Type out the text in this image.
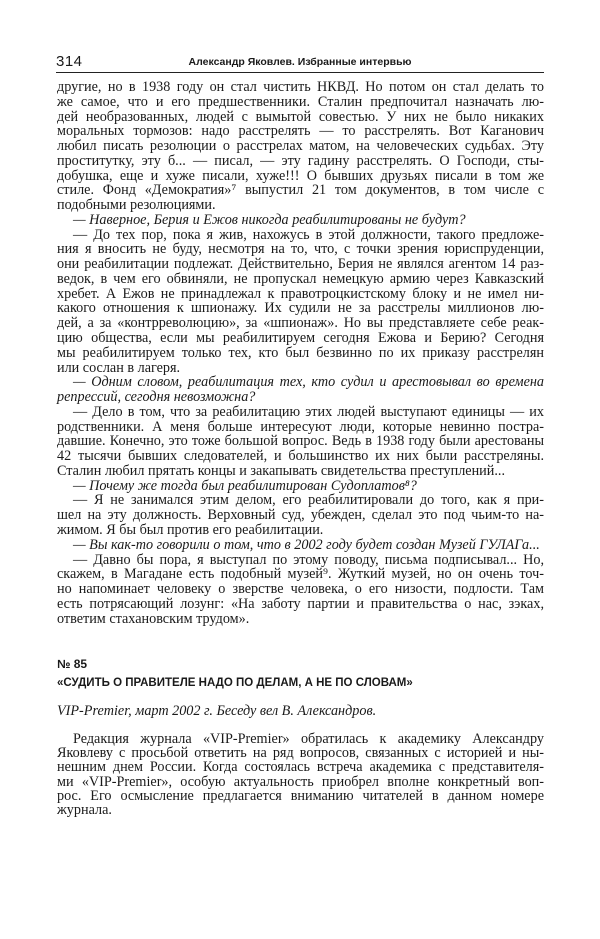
314	Александр Яковлев. Избранные интервью
другие, но в 1938 году он стал чистить НКВД. Но потом он стал делать то
же самое, что и его предшественники. Сталин предпочитал назначать лю-
дей необразованных, людей с вымытой совестью. У них не было никаких
моральных тормозов: надо расстрелять — то расстрелять. Вот Каганович
любил писать резолюции о расстрелах матом, на человеческих судьбах. Эту
проститутку, эту б... — писал, — эту гадину расстрелять. О Господи, сты-
добушка, еще и хуже писали, хуже!!! О бывших друзьях писали в том же
стиле. Фонд «Демократия»⁷ выпустил 21 том документов, в том числе с
подобными резолюциями.
— Наверное, Берия и Ежов никогда реабилитированы не будут?
— До тех пор, пока я жив, нахожусь в этой должности, такого предложе-
ния я вносить не буду, несмотря на то, что, с точки зрения юриспруденции,
они реабилитации подлежат. Действительно, Берия не являлся агентом 14 раз-
ведок, в чем его обвиняли, не пропускал немецкую армию через Кавказский
хребет. А Ежов не принадлежал к правотроцкистскому блоку и не имел ни-
какого отношения к шпионажу. Их судили не за расстрелы миллионов лю-
дей, а за «контрреволюцию», за «шпионаж». Но вы представляете себе реак-
цию общества, если мы реабилитируем сегодня Ежова и Берию? Сегодня
мы реабилитируем только тех, кто был безвинно по их приказу расстрелян
или сослан в лагеря.
— Одним словом, реабилитация тех, кто судил и арестовывал во времена
репрессий, сегодня невозможна?
— Дело в том, что за реабилитацию этих людей выступают единицы — их
родственники. А меня больше интересуют люди, которые невинно постра-
давшие. Конечно, это тоже большой вопрос. Ведь в 1938 году были арестованы
42 тысячи бывших следователей, и большинство их них были расстреляны.
Сталин любил прятать концы и закапывать свидетельства преступлений...
— Почему же тогда был реабилитирован Судоплатов⁸?
— Я не занимался этим делом, его реабилитировали до того, как я при-
шел на эту должность. Верховный суд, убежден, сделал это под чьим-то на-
жимом. Я бы был против его реабилитации.
— Вы как-то говорили о том, что в 2002 году будет создан Музей ГУЛАГа...
— Давно бы пора, я выступал по этому поводу, письма подписывал... Но,
скажем, в Магадане есть подобный музей⁹. Жуткий музей, но он очень точ-
но напоминает человеку о зверстве человека, о его низости, подлости. Там
есть потрясающий лозунг: «На заботу партии и правительства о нас, зэках,
ответим стахановским трудом».
№ 85
«СУДИТЬ О ПРАВИТЕЛЕ НАДО ПО ДЕЛАМ, А НЕ ПО СЛОВАМ»
VIP-Premier, март 2002 г. Беседу вел В. Александров.
Редакция журнала «VIP-Premier» обратилась к академику Александру
Яковлеву с просьбой ответить на ряд вопросов, связанных с историей и ны-
нешним днем России. Когда состоялась встреча академика с представителя-
ми «VIP-Premier», особую актуальность приобрел вполне конкретный воп-
рос. Его осмысление предлагается вниманию читателей в данном номере
журнала.
